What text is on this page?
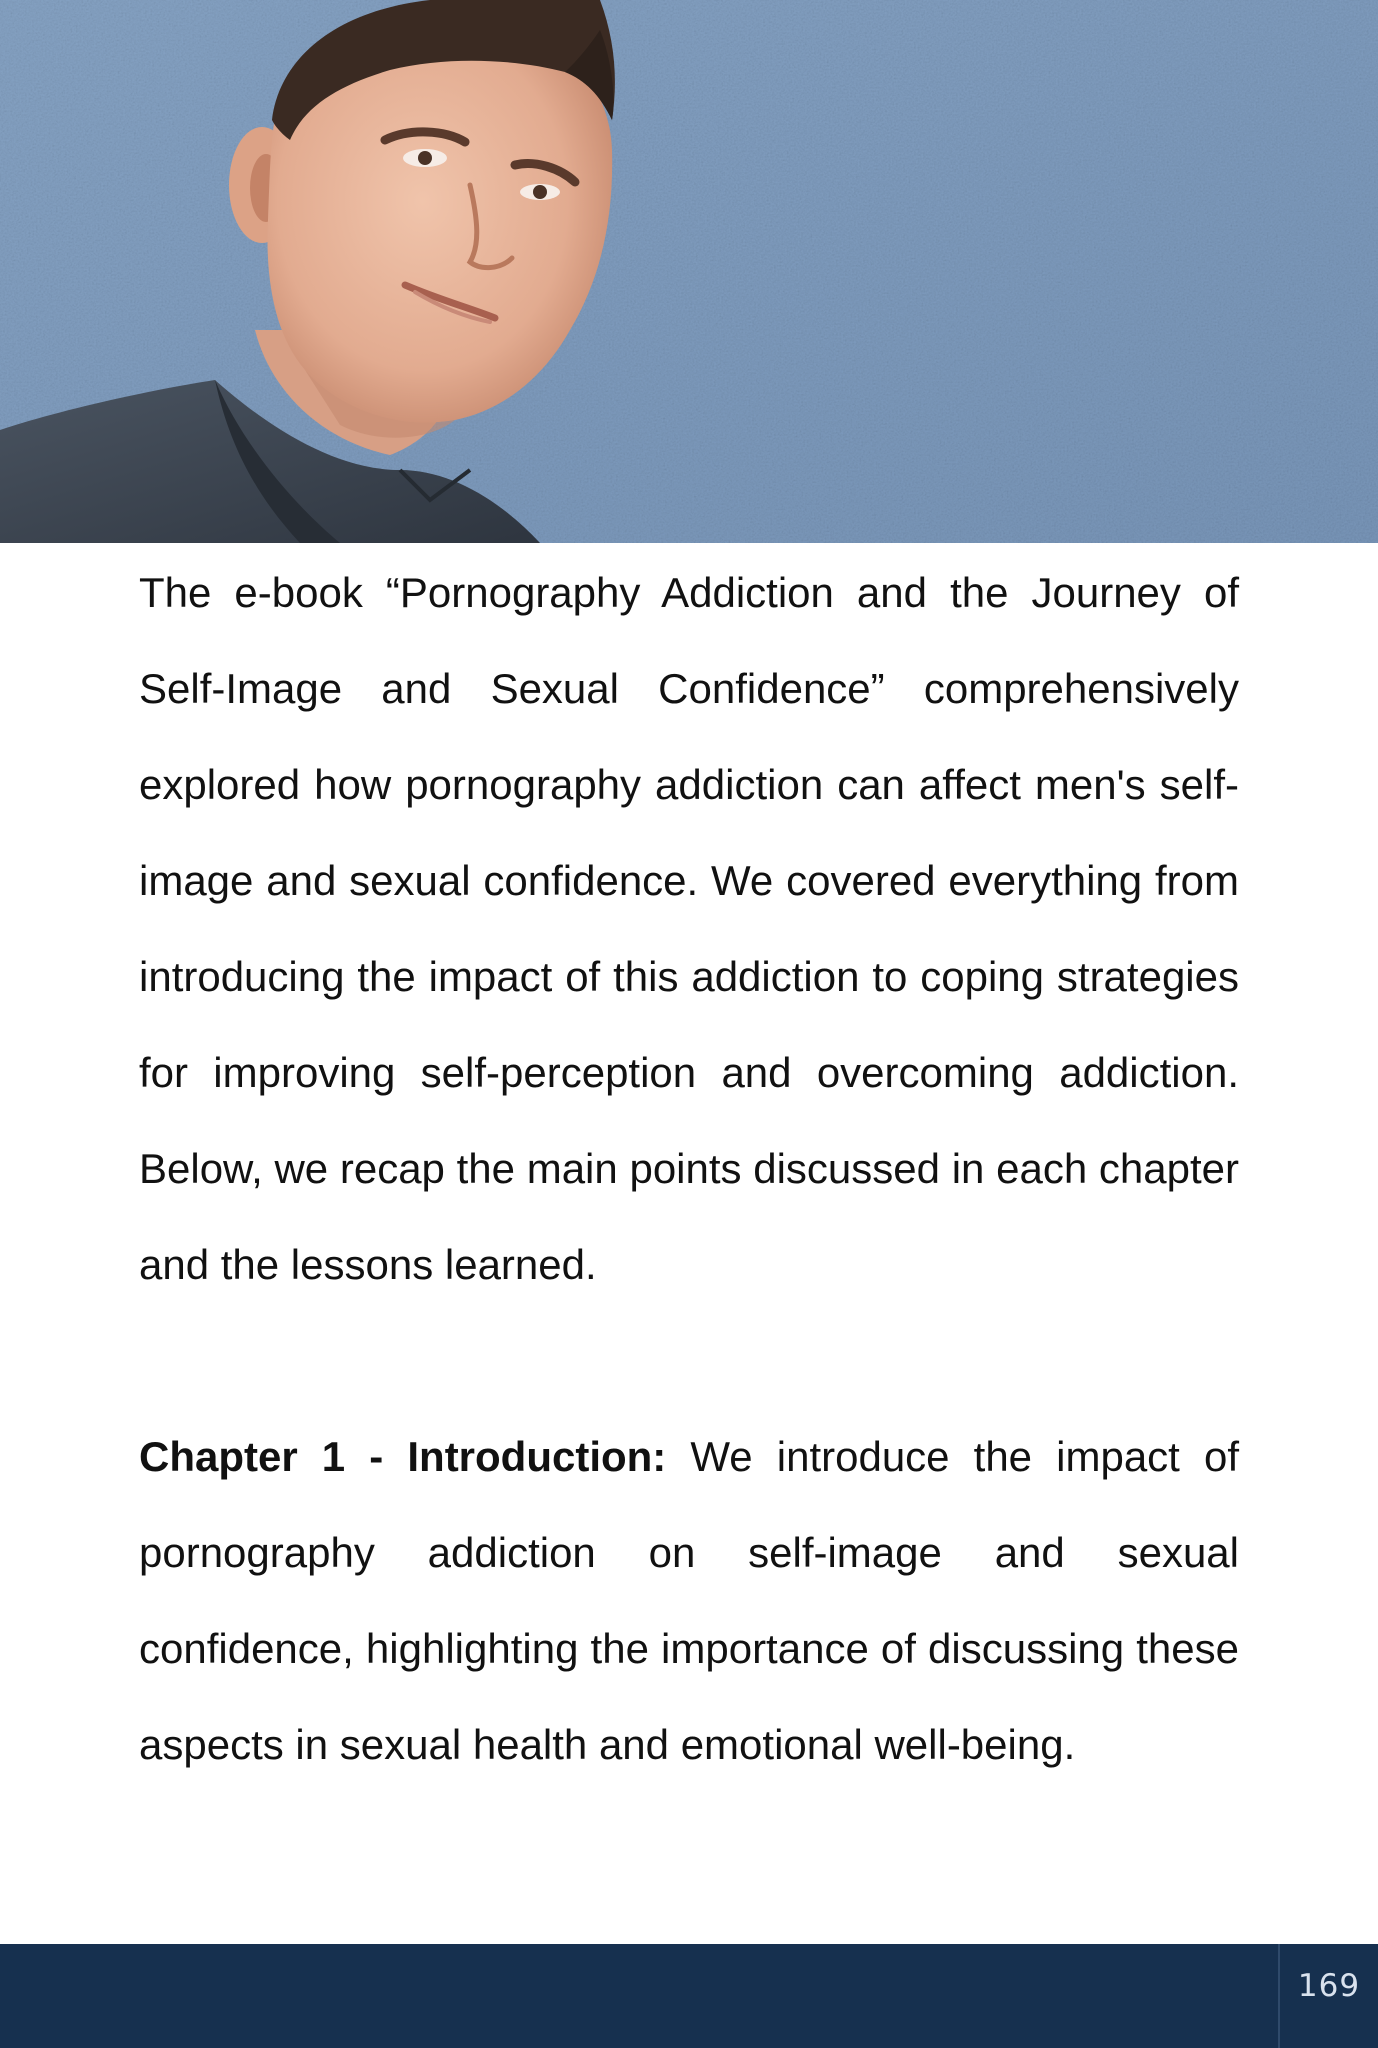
The e-book “Pornography Addiction and the Journey of Self-Image and Sexual Confidence” comprehensively explored how pornography addiction can affect men's self-image and sexual confidence. We covered everything from introducing the impact of this addiction to coping strategies for improving self-perception and overcoming addiction. Below, we recap the main points discussed in each chapter and the lessons learned.

Chapter 1 - Introduction: We introduce the impact of pornography addiction on self-image and sexual confidence, highlighting the importance of discussing these aspects in sexual health and emotional well-being.

169
